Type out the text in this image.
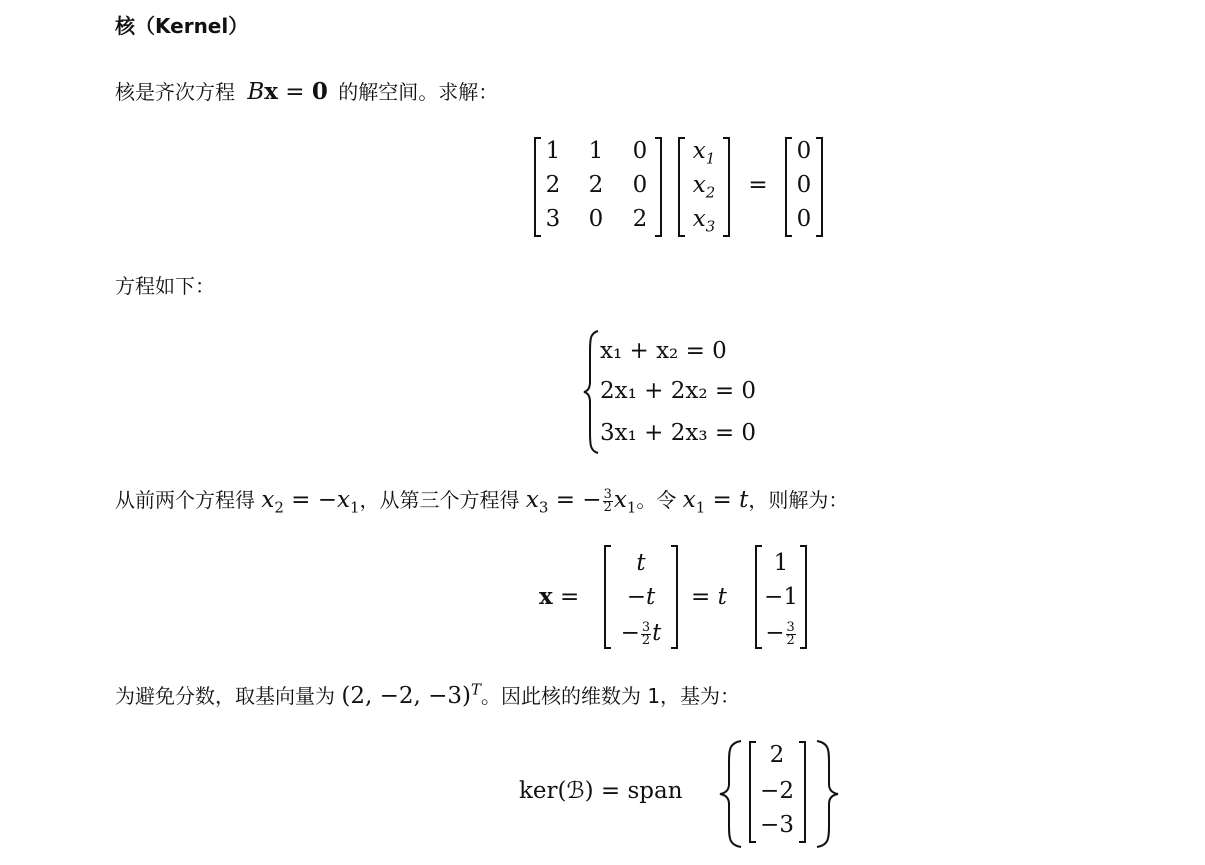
核（Kernel）
核是齐次方程 Bx = 0 的解空间。求解：
1	1	0
2	2	0
3	0	2
$x_1$
$x_2$
$x_3$
=
0
0
0
方程如下：
x₁ + x₂ = 0
2x₁ + 2x₂ = 0
3x₁ + 2x₃ = 0
从前两个方程得 $x_2 = -x_1$，从第三个方程得 $x_3$ = − $\frac{3}{2} x_1$。令 $x_1 = t$，则解为：
x =
t
−t
− $\frac{3}{2}$ t
= t
1
−1
− $\frac{3}{2}$
为避免分数，取基向量为 (2, −2, −3)$^T$。因此核的维数为 1，基为：
ker(ℬ) = span
2
−2
−3
